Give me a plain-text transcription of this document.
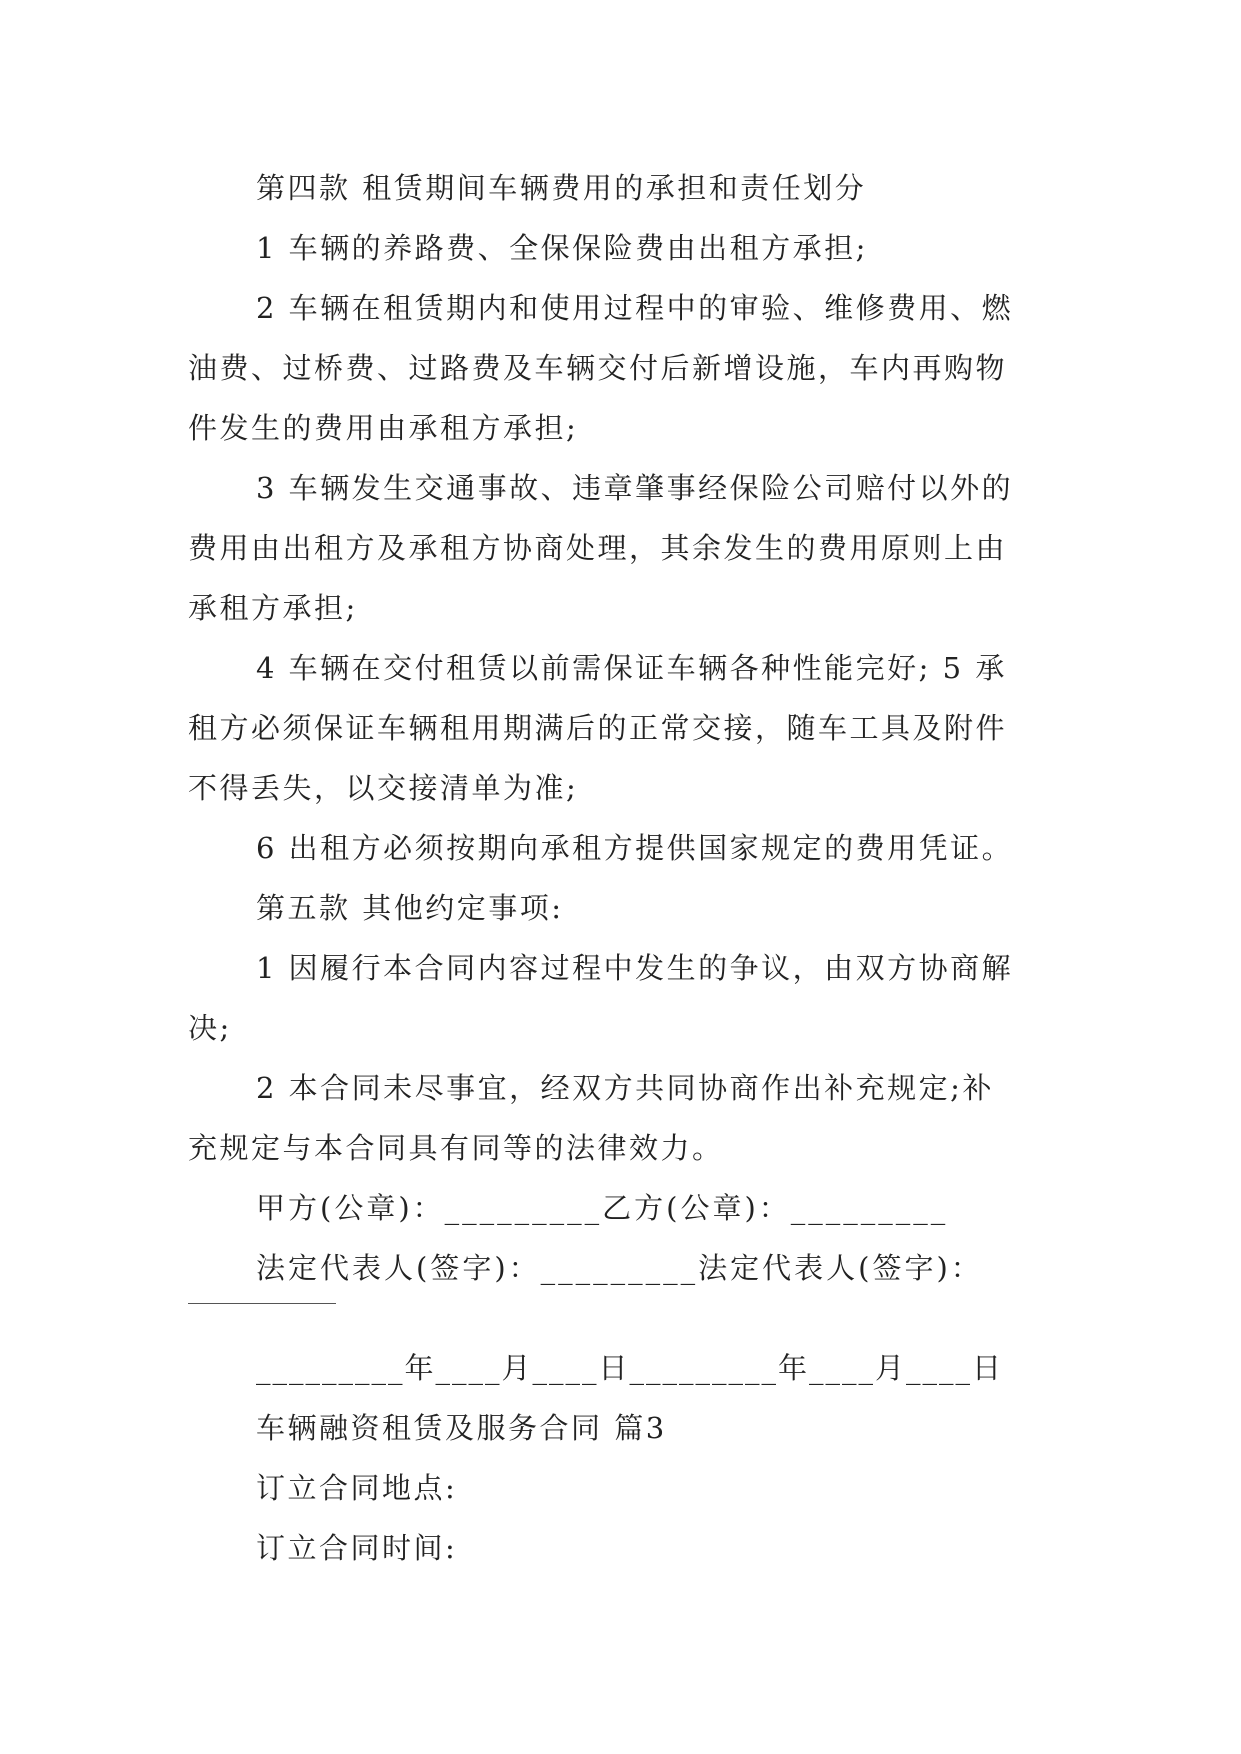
第四款 租赁期间车辆费用的承担和责任划分
1 车辆的养路费、全保保险费由出租方承担;
2 车辆在租赁期内和使用过程中的审验、维修费用、燃
油费、过桥费、过路费及车辆交付后新增设施，车内再购物
件发生的费用由承租方承担;
3 车辆发生交通事故、违章肇事经保险公司赔付以外的
费用由出租方及承租方协商处理，其余发生的费用原则上由
承租方承担;
4 车辆在交付租赁以前需保证车辆各种性能完好; 5 承
租方必须保证车辆租用期满后的正常交接，随车工具及附件
不得丢失，以交接清单为准;
6 出租方必须按期向承租方提供国家规定的费用凭证。
第五款 其他约定事项:
1 因履行本合同内容过程中发生的争议，由双方协商解
决;
2 本合同未尽事宜，经双方共同协商作出补充规定;补
充规定与本合同具有同等的法律效力。
甲方(公章)：_________乙方(公章)：_________
法定代表人(签字)：_________法定代表人(签字)：
_________年____月____日_________年____月____日
车辆融资租赁及服务合同 篇3
订立合同地点:
订立合同时间:
